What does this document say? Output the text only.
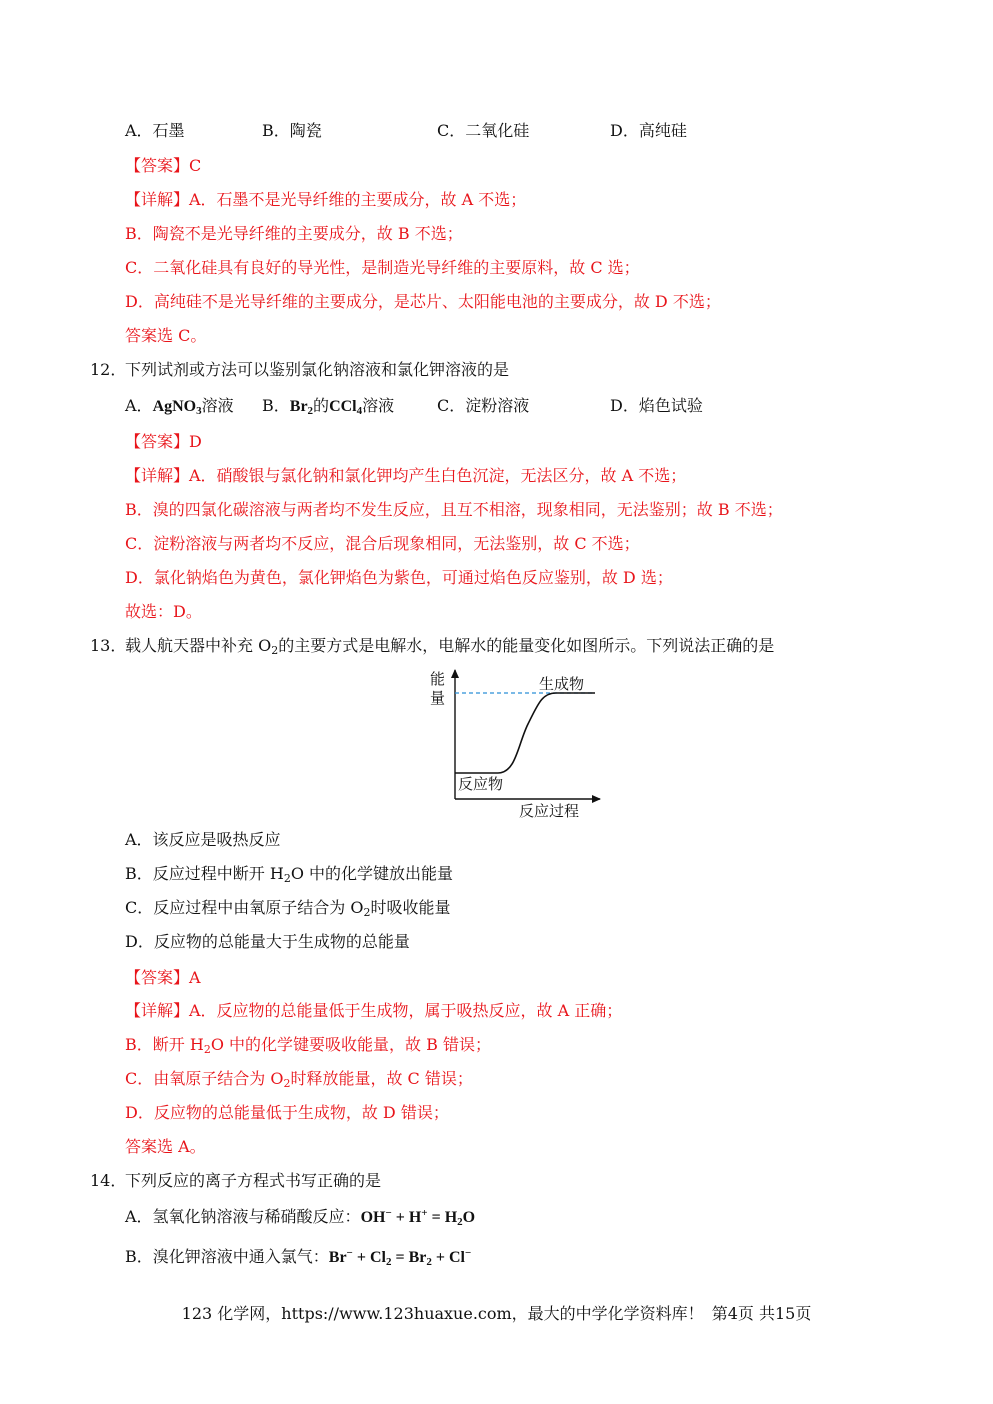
A．石墨	B．陶瓷	C．二氧化硅	D．高纯硅
【答案】C
【详解】A．石墨不是光导纤维的主要成分，故 A 不选；
B．陶瓷不是光导纤维的主要成分，故 B 不选；
C．二氧化硅具有良好的导光性，是制造光导纤维的主要原料，故 C 选；
D．高纯硅不是光导纤维的主要成分，是芯片、太阳能电池的主要成分，故 D 不选；
答案选 C。
12．
下列试剂或方法可以鉴别氯化钠溶液和氯化钾溶液的是
A．AgNO$_3$溶液 B．$Br_2$的CCl$_4$溶液	C．淀粉溶液	D．焰色试验
【答案】D
【详解】A．硝酸银与氯化钠和氯化钾均产生白色沉淀，无法区分，故 A 不选；
B．溴的四氯化碳溶液与两者均不发生反应，且互不相溶，现象相同，无法鉴别；故 B 不选；
C．淀粉溶液与两者均不反应，混合后现象相同，无法鉴别，故 C 不选；
D．氯化钠焰色为黄色，氯化钾焰色为紫色，可通过焰色反应鉴别，故 D 选；
故选：D。
13．
载人航天器中补充 $O_2$的主要方式是电解水，电解水的能量变化如图所示。下列说法正确的是
能
量
生成物
反应物
反应过程
A．该反应是吸热反应
B．反应过程中断开 $H_2O$ 中的化学键放出能量
C．反应过程中由氧原子结合为 $O_2$时吸收能量
D．反应物的总能量大于生成物的总能量
【答案】A
【详解】A．反应物的总能量低于生成物，属于吸热反应，故 A 正确；
B．断开 $H_2O$ 中的化学键要吸收能量，故 B 错误；
C．由氧原子结合为 $O_2$时释放能量，故 C 错误；
D．反应物的总能量低于生成物，故 D 错误；
答案选 A。
14．
下列反应的离子方程式书写正确的是
A．氢氧化钠溶液与稀硝酸反应：$OH^- + H^+ = H_2O$
B．溴化钾溶液中通入氯气：$Br^- + Cl_2 = Br_2 + Cl^-$
123 化学网，https://www.123huaxue.com，最大的中学化学资料库！ 第4页 共15页
